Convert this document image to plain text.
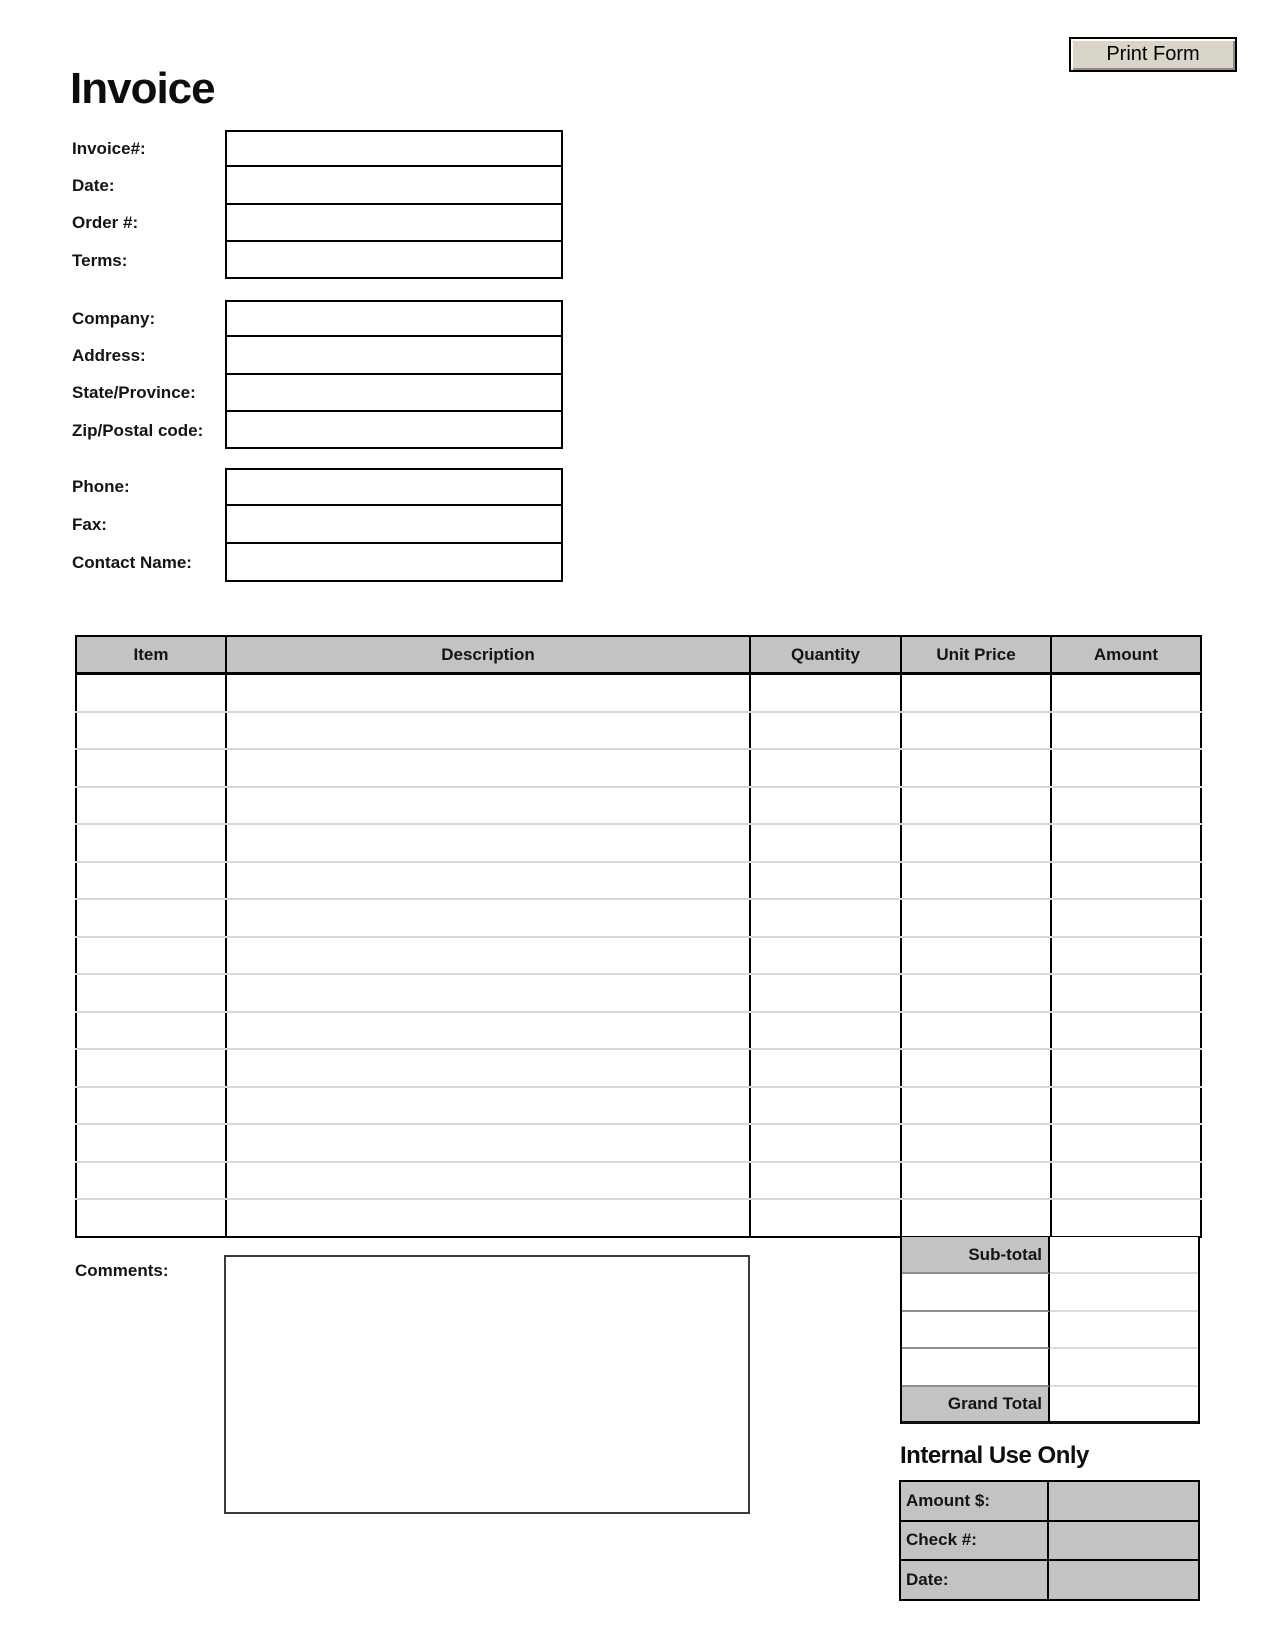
Print Form
Invoice
Invoice#:
Date:
Order #:
Terms:
Company:
Address:
State/Province:
Zip/Postal code:
Phone:
Fax:
Contact Name:
Item	Description	Quantity	Unit Price	Amount

Sub-total
Grand Total
Comments:
Internal Use Only
Amount $:
Check #:
Date:
